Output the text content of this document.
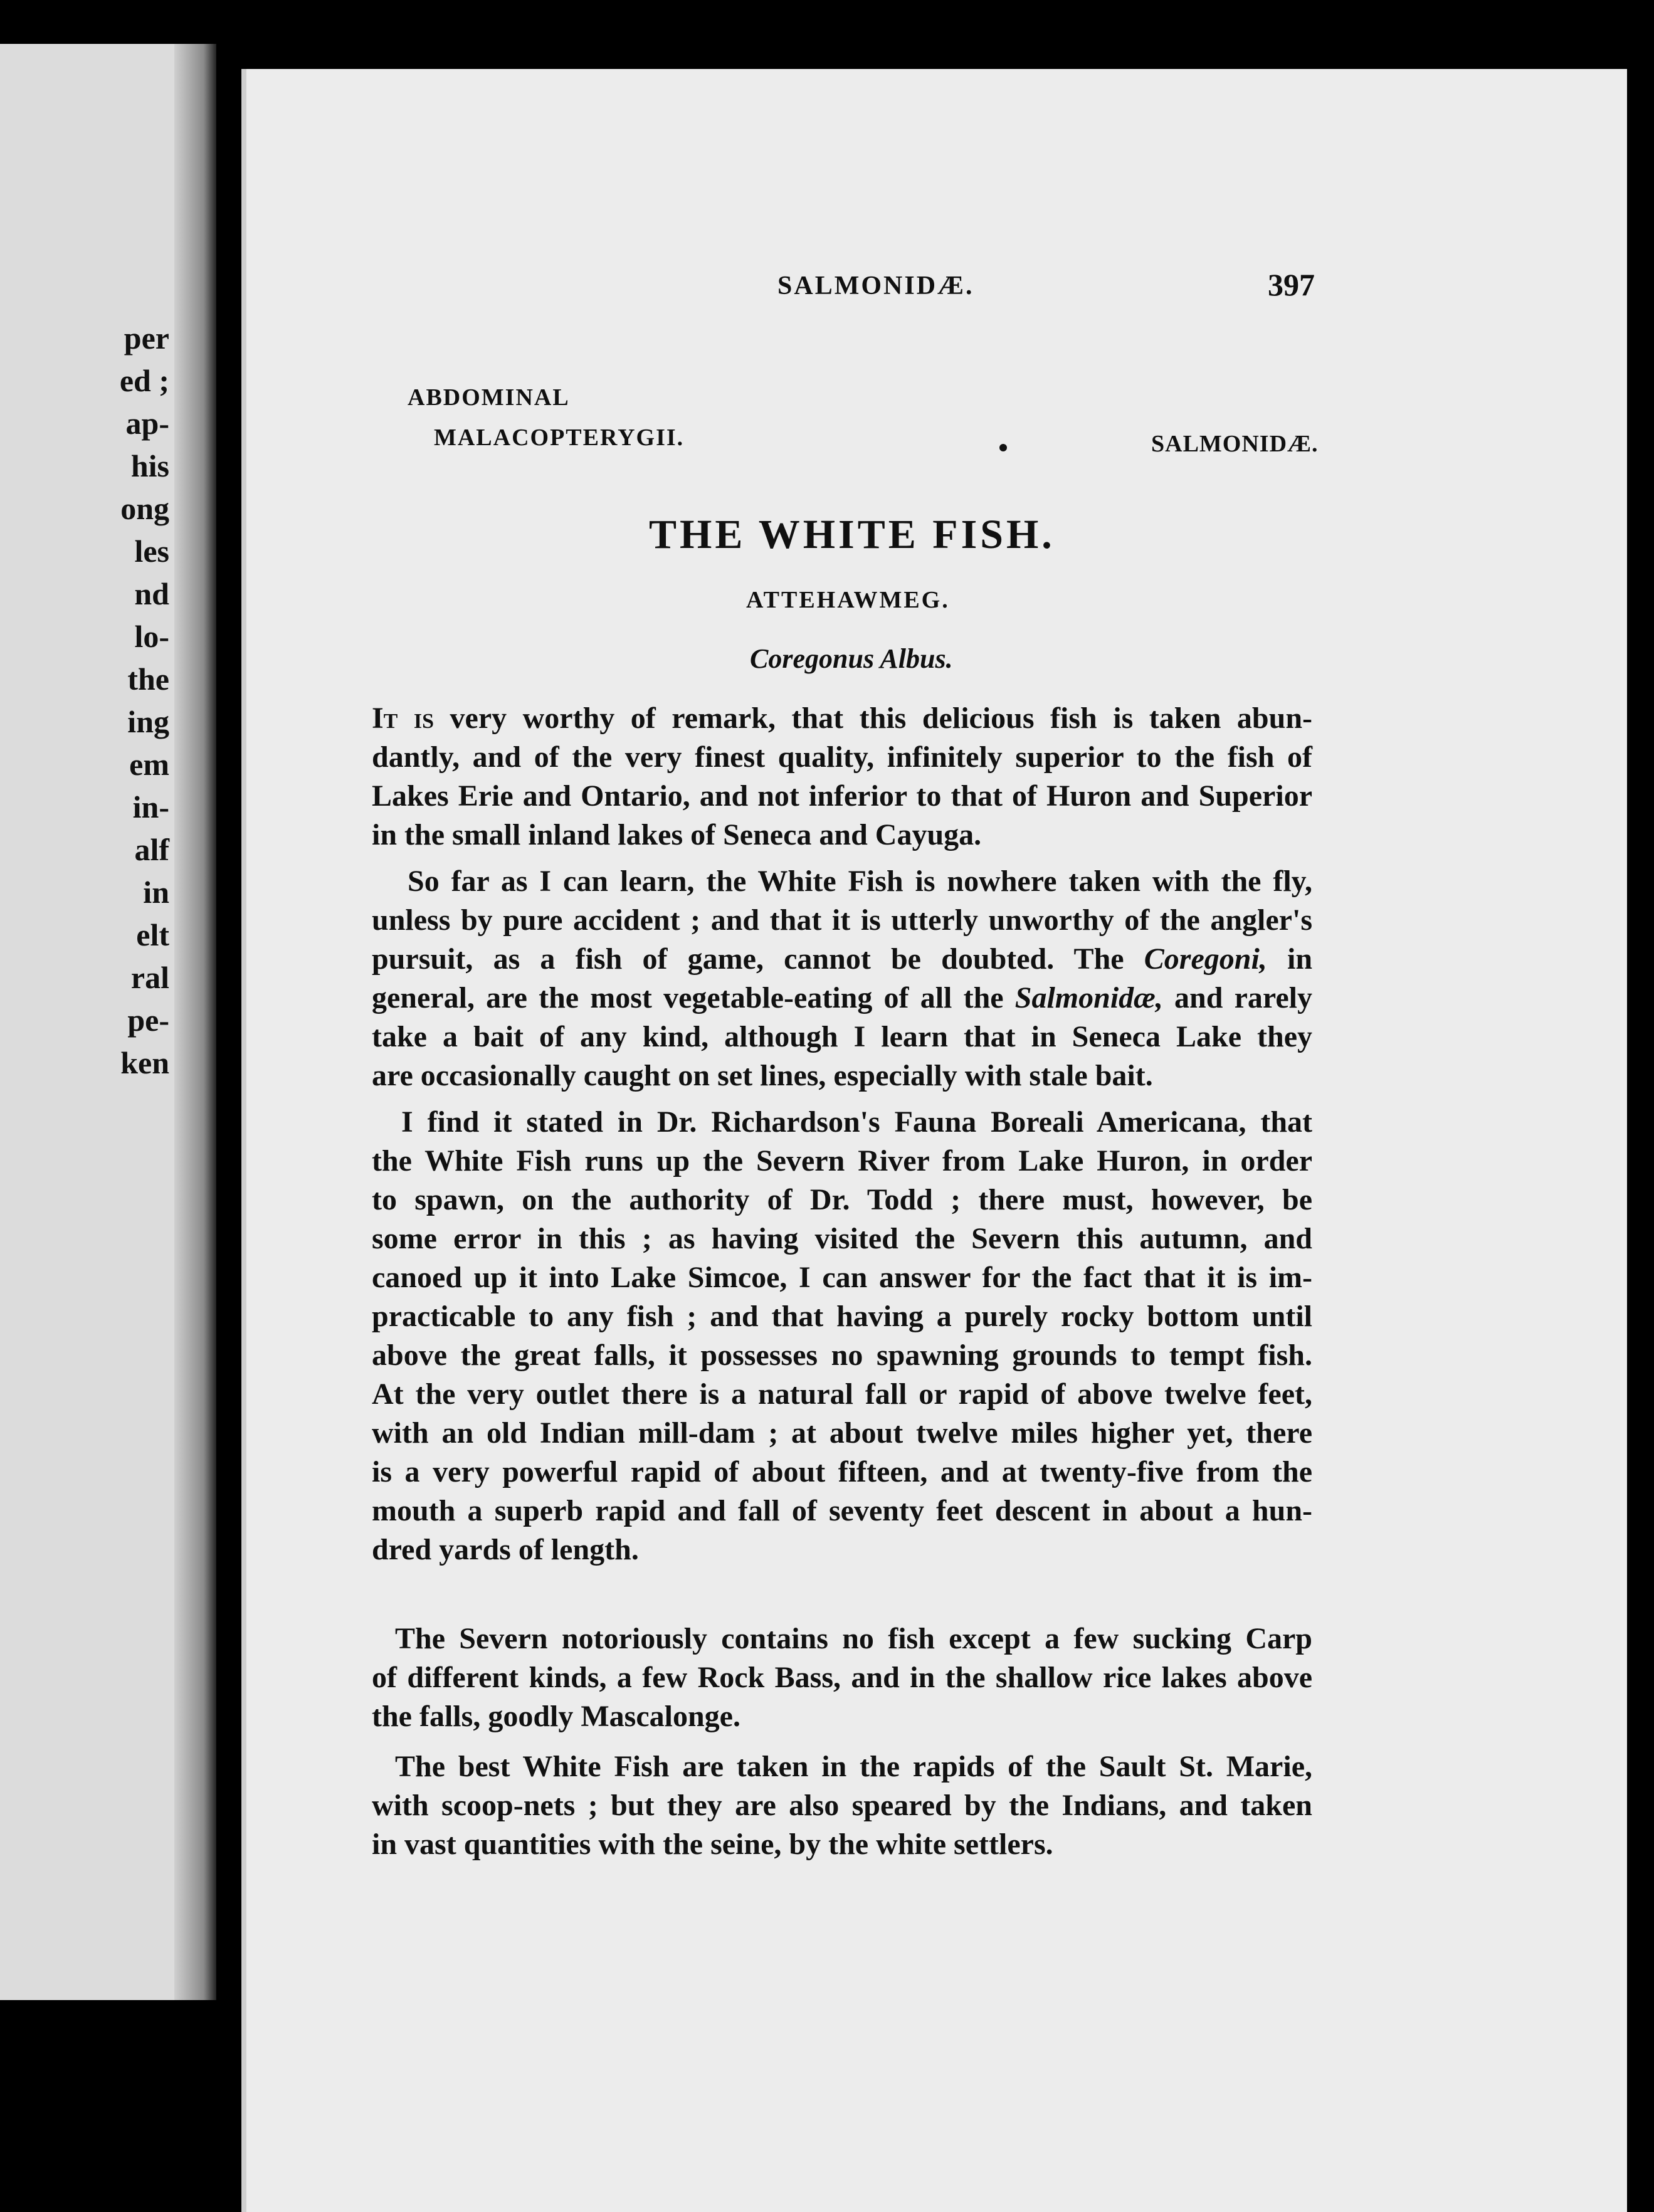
per
ed ;
ap-
his
ong
les
nd
lo-
the
ing
em
in-
alf
in
elt
ral
pe-
ken
SALMONIDÆ.	397
ABDOMINAL
MALACOPTERYGII.	SALMONIDÆ.
THE WHITE FISH.
ATTEHAWMEG.
Coregonus Albus.
It is very worthy of remark, that this delicious fish is taken abun-
dantly, and of the very finest quality, infinitely superior to the fish of
Lakes Erie and Ontario, and not inferior to that of Huron and Superior
in the small inland lakes of Seneca and Cayuga.
So far as I can learn, the White Fish is nowhere taken with the fly,
unless by pure accident ; and that it is utterly unworthy of the angler's
pursuit, as a fish of game, cannot be doubted. The Coregoni, in
general, are the most vegetable-eating of all the Salmonidæ, and rarely
take a bait of any kind, although I learn that in Seneca Lake they
are occasionally caught on set lines, especially with stale bait.
I find it stated in Dr. Richardson's Fauna Boreali Americana, that
the White Fish runs up the Severn River from Lake Huron, in order
to spawn, on the authority of Dr. Todd ; there must, however, be
some error in this ; as having visited the Severn this autumn, and
canoed up it into Lake Simcoe, I can answer for the fact that it is im-
practicable to any fish ; and that having a purely rocky bottom until
above the great falls, it possesses no spawning grounds to tempt fish.
At the very outlet there is a natural fall or rapid of above twelve feet,
with an old Indian mill-dam ; at about twelve miles higher yet, there
is a very powerful rapid of about fifteen, and at twenty-five from the
mouth a superb rapid and fall of seventy feet descent in about a hun-
dred yards of length.
The Severn notoriously contains no fish except a few sucking Carp
of different kinds, a few Rock Bass, and in the shallow rice lakes above
the falls, goodly Mascalonge.
The best White Fish are taken in the rapids of the Sault St. Marie,
with scoop-nets ; but they are also speared by the Indians, and taken
in vast quantities with the seine, by the white settlers.
